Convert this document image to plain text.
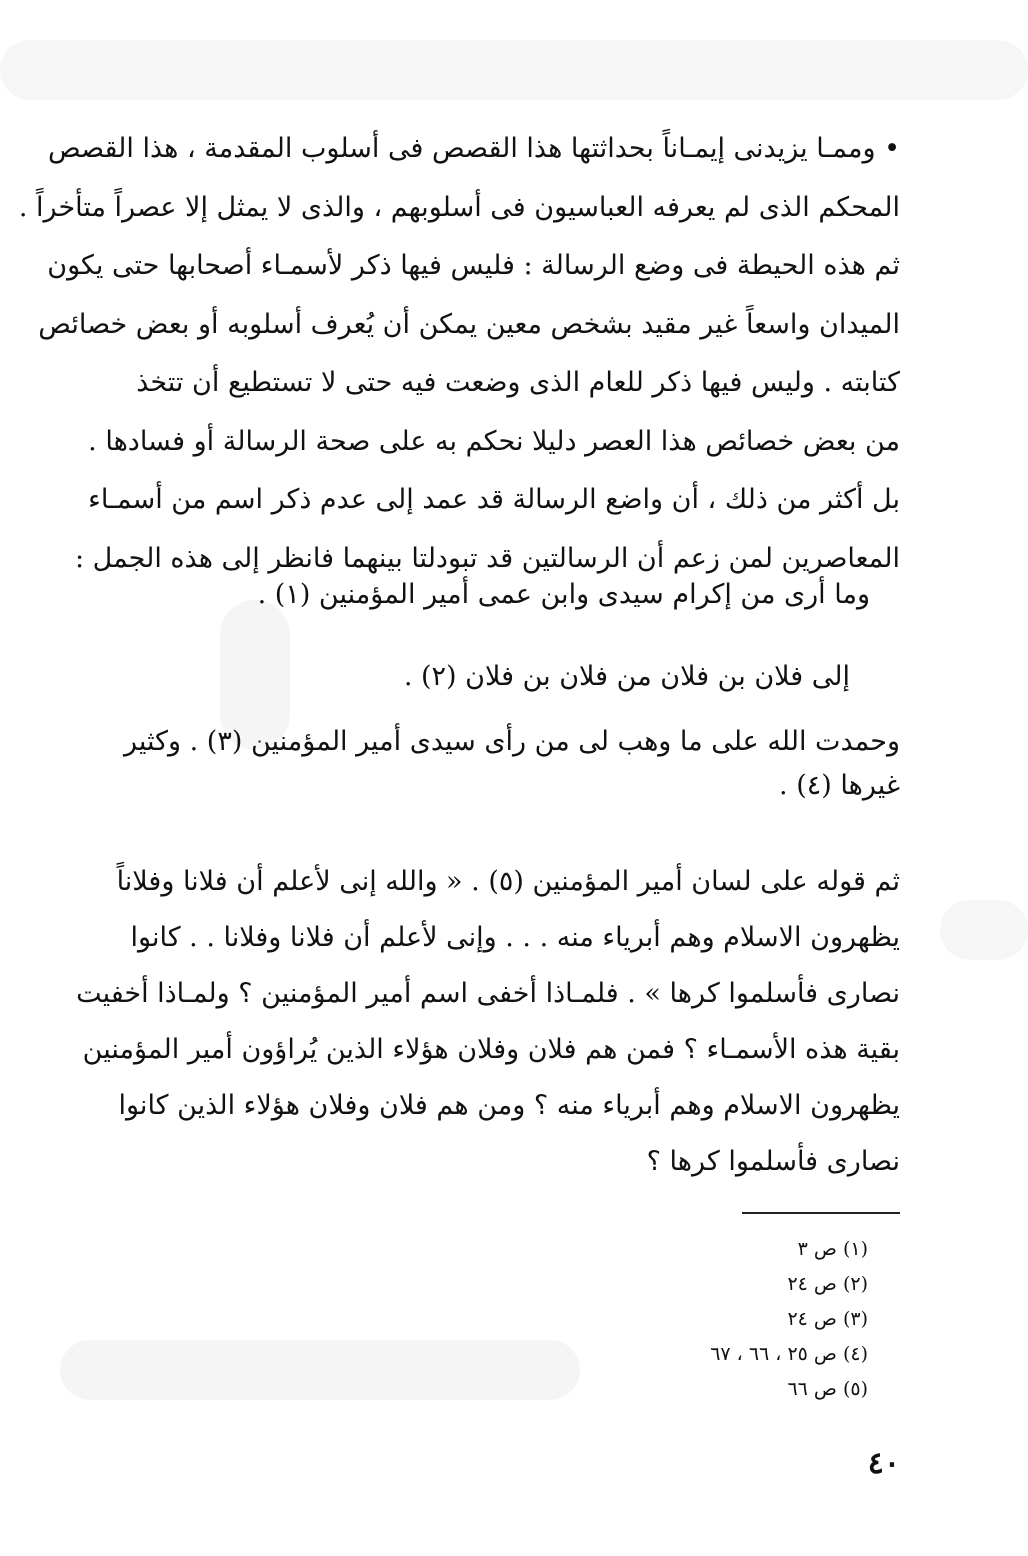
• وممـا يزيدنى إيمـاناً بحداثتها هذا القصص فى أسلوب المقدمة ، هذا القصص

المحكم الذى لم يعرفه العباسيون فى أسلوبهم ، والذى لا يمثل إلا عصراً متأخراً .

ثم هذه الحيطة فى وضع الرسالة : فليس فيها ذكر لأسمـاء أصحابها حتى يكون

الميدان واسعاً غير مقيد بشخص معين يمكن أن يُعرف أسلوبه أو بعض خصائص

كتابته . وليس فيها ذكر للعام الذى وضعت فيه حتى لا تستطيع أن تتخذ

من بعض خصائص هذا العصر دليلا نحكم به على صحة الرسالة أو فسادها .

بل أكثر من ذلك ، أن واضع الرسالة قد عمد إلى عدم ذكر اسم من أسمـاء

المعاصرين لمن زعم أن الرسالتين قد تبودلتا بينهما فانظر إلى هذه الجمل :

وما أرى من إكرام سيدى وابن عمى أمير المؤمنين (١) .

إلى فلان بن فلان من فلان بن فلان (٢) .

وحمدت الله على ما وهب لى من رأى سيدى أمير المؤمنين (٣) . وكثير
غيرها (٤) .

ثم قوله على لسان أمير المؤمنين (٥) . « والله إنى لأعلم أن فلانا وفلاناً

يظهرون الاسلام وهم أبرياء منه . . . وإنى لأعلم أن فلانا وفلانا . . كانوا

نصارى فأسلموا كرها » . فلمـاذا أخفى اسم أمير المؤمنين ؟ ولمـاذا أخفيت

بقية هذه الأسمـاء ؟ فمن هم فلان وفلان هؤلاء الذين يُراؤون أمير المؤمنين

يظهرون الاسلام وهم أبرياء منه ؟ ومن هم فلان وفلان هؤلاء الذين كانوا

نصارى فأسلموا كرها ؟

(١) ص ٣
(٢) ص ٢٤
(٣) ص ٢٤
(٤) ص ٢٥ ، ٦٦ ، ٦٧
(٥) ص ٦٦
٤٠
